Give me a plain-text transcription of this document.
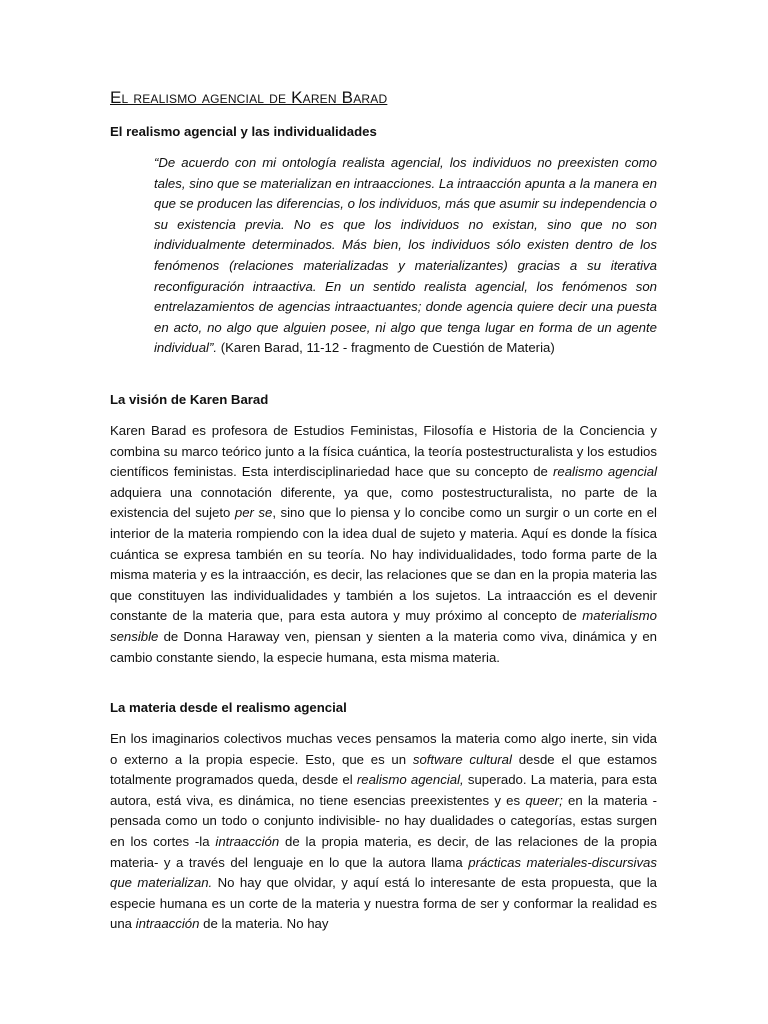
El realismo agencial de Karen Barad
El realismo agencial y las individualidades
“De acuerdo con mi ontología realista agencial, los individuos no preexisten como tales, sino que se materializan en intraacciones. La intraacción apunta a la manera en que se producen las diferencias, o los individuos, más que asumir su independencia o su existencia previa. No es que los individuos no existan, sino que no son individualmente determinados. Más bien, los individuos sólo existen dentro de los fenómenos (relaciones materializadas y materializantes) gracias a su iterativa reconfiguración intraactiva. En un sentido realista agencial, los fenómenos son entrelazamientos de agencias intraactuantes; donde agencia quiere decir una puesta en acto, no algo que alguien posee, ni algo que tenga lugar en forma de un agente individual”. (Karen Barad, 11-12 - fragmento de Cuestión de Materia)
La visión de Karen Barad
Karen Barad es profesora de Estudios Feministas, Filosofía e Historia de la Conciencia y combina su marco teórico junto a la física cuántica, la teoría postestructuralista y los estudios científicos feministas. Esta interdisciplinariedad hace que su concepto de realismo agencial adquiera una connotación diferente, ya que, como postestructuralista, no parte de la existencia del sujeto per se, sino que lo piensa y lo concibe como un surgir o un corte en el interior de la materia rompiendo con la idea dual de sujeto y materia. Aquí es donde la física cuántica se expresa también en su teoría. No hay individualidades, todo forma parte de la misma materia y es la intraacción, es decir, las relaciones que se dan en la propia materia las que constituyen las individualidades y también a los sujetos. La intraacción es el devenir constante de la materia que, para esta autora y muy próximo al concepto de materialismo sensible de Donna Haraway ven, piensan y sienten a la materia como viva, dinámica y en cambio constante siendo, la especie humana, esta misma materia.
La materia desde el realismo agencial
En los imaginarios colectivos muchas veces pensamos la materia como algo inerte, sin vida o externo a la propia especie. Esto, que es un software cultural desde el que estamos totalmente programados queda, desde el realismo agencial, superado. La materia, para esta autora, está viva, es dinámica, no tiene esencias preexistentes y es queer; en la materia -pensada como un todo o conjunto indivisible- no hay dualidades o categorías, estas surgen en los cortes -la intraacción de la propia materia, es decir, de las relaciones de la propia materia- y a través del lenguaje en lo que la autora llama prácticas materiales-discursivas que materializan. No hay que olvidar, y aquí está lo interesante de esta propuesta, que la especie humana es un corte de la materia y nuestra forma de ser y conformar la realidad es una intraacción de la materia. No hay
